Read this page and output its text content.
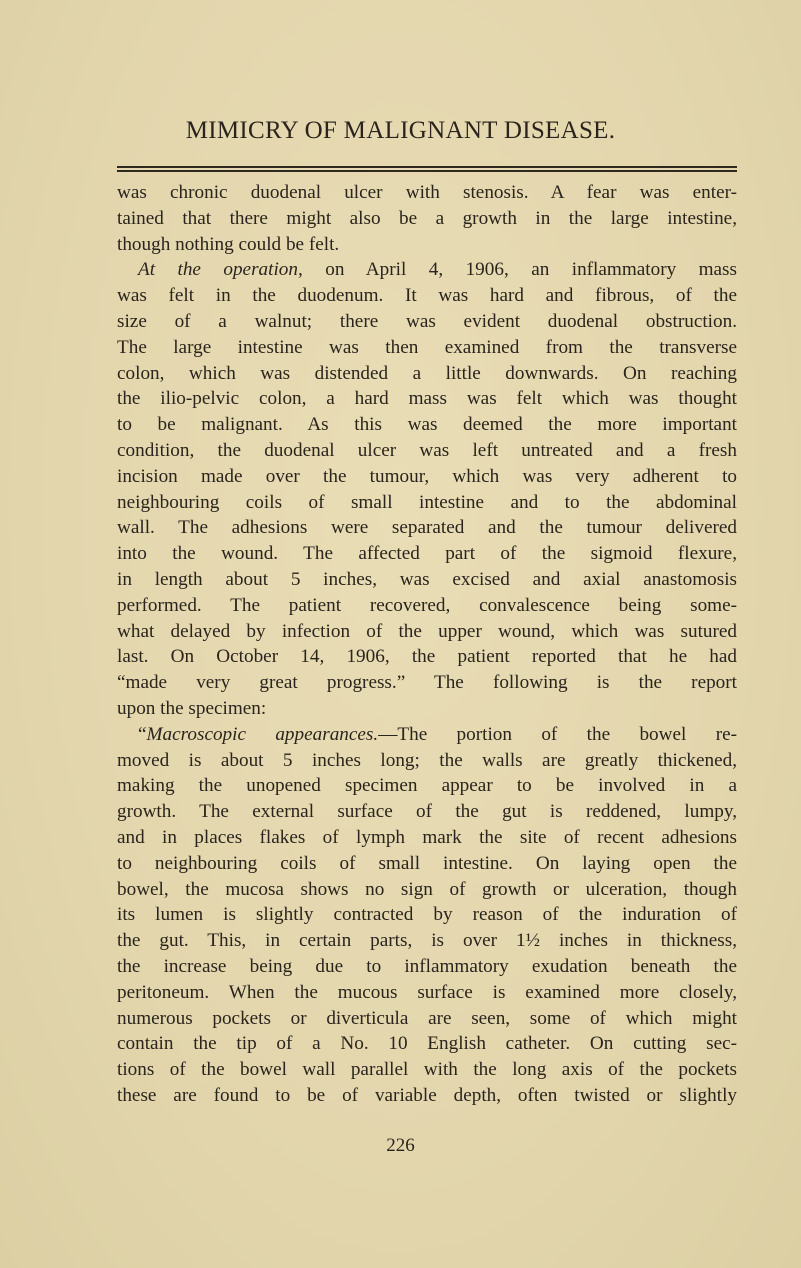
MIMICRY OF MALIGNANT DISEASE.
was chronic duodenal ulcer with stenosis. A fear was enter-
tained that there might also be a growth in the large intestine,
though nothing could be felt.
At the operation, on April 4, 1906, an inflammatory mass
was felt in the duodenum. It was hard and fibrous, of the
size of a walnut; there was evident duodenal obstruction.
The large intestine was then examined from the transverse
colon, which was distended a little downwards. On reaching
the ilio-pelvic colon, a hard mass was felt which was thought
to be malignant. As this was deemed the more important
condition, the duodenal ulcer was left untreated and a fresh
incision made over the tumour, which was very adherent to
neighbouring coils of small intestine and to the abdominal
wall. The adhesions were separated and the tumour delivered
into the wound. The affected part of the sigmoid flexure,
in length about 5 inches, was excised and axial anastomosis
performed. The patient recovered, convalescence being some-
what delayed by infection of the upper wound, which was sutured
last. On October 14, 1906, the patient reported that he had
“made very great progress.” The following is the report
upon the specimen:
“Macroscopic appearances.—The portion of the bowel re-
moved is about 5 inches long; the walls are greatly thickened,
making the unopened specimen appear to be involved in a
growth. The external surface of the gut is reddened, lumpy,
and in places flakes of lymph mark the site of recent adhesions
to neighbouring coils of small intestine. On laying open the
bowel, the mucosa shows no sign of growth or ulceration, though
its lumen is slightly contracted by reason of the induration of
the gut. This, in certain parts, is over 1½ inches in thickness,
the increase being due to inflammatory exudation beneath the
peritoneum. When the mucous surface is examined more closely,
numerous pockets or diverticula are seen, some of which might
contain the tip of a No. 10 English catheter. On cutting sec-
tions of the bowel wall parallel with the long axis of the pockets
these are found to be of variable depth, often twisted or slightly
226
